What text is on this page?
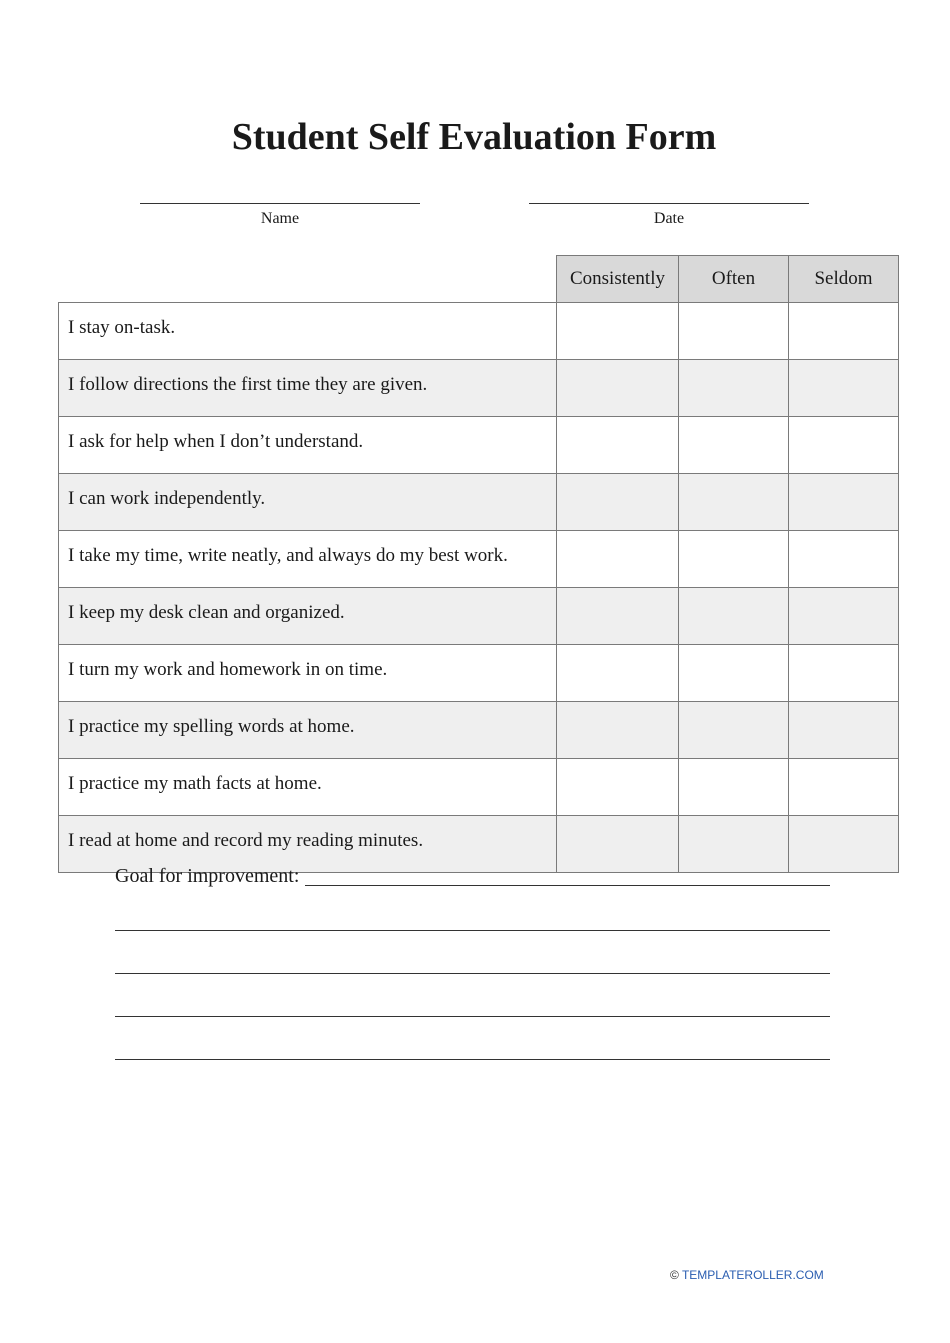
Student Self Evaluation Form
Name	Date
	Consistently	Often	Seldom
I stay on-task.			
I follow directions the first time they are given.			
I ask for help when I don’t understand.			
I can work independently.			
I take my time, write neatly, and always do my best work.			
I keep my desk clean and organized.			
I turn my work and homework in on time.			
I practice my spelling words at home.			
I practice my math facts at home.			
I read at home and record my reading minutes.			
Goal for improvement:
© TEMPLATEROLLER.COM
